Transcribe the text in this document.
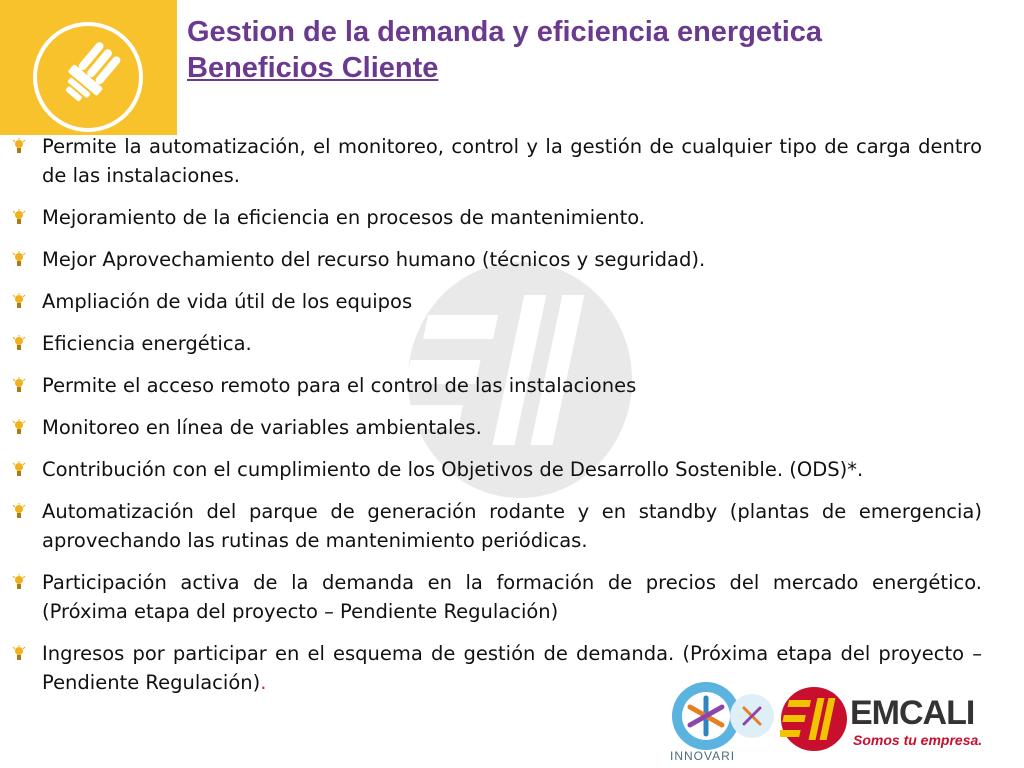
Gestion de la demanda y eficiencia energetica
Beneficios Cliente
Permite la automatización, el monitoreo, control y la gestión de cualquier tipo de carga dentro de las instalaciones.
Mejoramiento de la eficiencia en procesos de mantenimiento.
Mejor Aprovechamiento del recurso humano (técnicos y seguridad).
Ampliación de vida útil de los equipos
Eficiencia energética.
Permite el acceso remoto para el control de las instalaciones
Monitoreo en línea de variables ambientales.
Contribución con el cumplimiento de los Objetivos de Desarrollo Sostenible. (ODS)*.
Automatización del parque de generación rodante y en standby (plantas de emergencia) aprovechando las rutinas de mantenimiento periódicas.
Participación activa de la demanda en la formación de precios del mercado energético. (Próxima etapa del proyecto – Pendiente Regulación)
Ingresos por participar en el esquema de gestión de demanda. (Próxima etapa del proyecto – Pendiente Regulación).
INNOVARI
EMCALI
Somos tu empresa.
